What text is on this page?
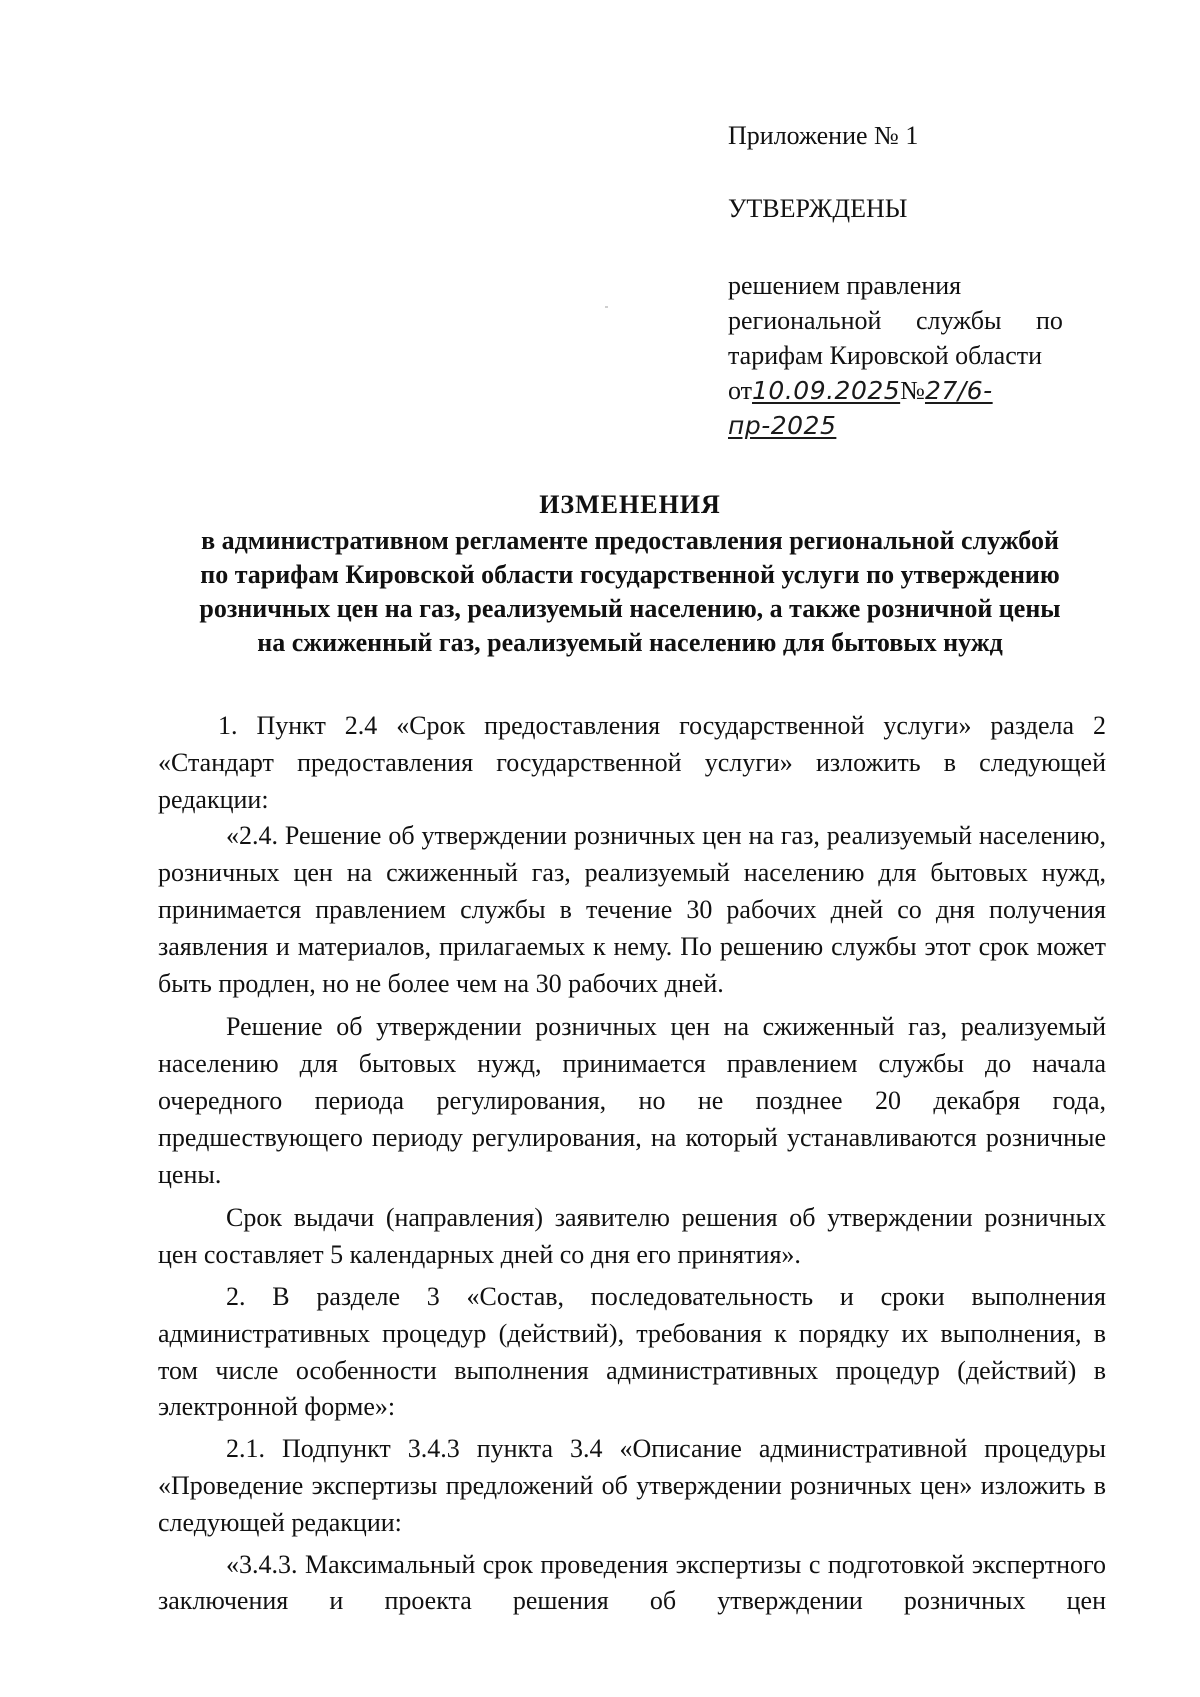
Приложение № 1

УТВЕРЖДЕНЫ

решением правления
региональной службы по
тарифам Кировской области
от10.09.2025№27/6-пр-2025
ИЗМЕНЕНИЯ
в административном регламенте предоставления региональной службой
по тарифам Кировской области государственной услуги по утверждению
розничных цен на газ, реализуемый населению, а также розничной цены
на сжиженный газ, реализуемый населению для бытовых нужд

1. Пункт 2.4 «Срок предоставления государственной услуги» раздела 2 «Стандарт предоставления государственной услуги» изложить в следующей редакции:

«2.4. Решение об утверждении розничных цен на газ, реализуемый населению, розничных цен на сжиженный газ, реализуемый населению для бытовых нужд, принимается правлением службы в течение 30 рабочих дней со дня получения заявления и материалов, прилагаемых к нему. По решению службы этот срок может быть продлен, но не более чем на 30 рабочих дней.

Решение об утверждении розничных цен на сжиженный газ, реализуемый населению для бытовых нужд, принимается правлением службы до начала очередного периода регулирования, но не позднее 20 декабря года, предшествующего периоду регулирования, на который устанавливаются розничные цены.

Срок выдачи (направления) заявителю решения об утверждении розничных цен составляет 5 календарных дней со дня его принятия».

2. В разделе 3 «Состав, последовательность и сроки выполнения административных процедур (действий), требования к порядку их выполнения, в том числе особенности выполнения административных процедур (действий) в электронной форме»:

2.1. Подпункт 3.4.3 пункта 3.4 «Описание административной процедуры «Проведение экспертизы предложений об утверждении розничных цен» изложить в следующей редакции:

«3.4.3. Максимальный срок проведения экспертизы с подготовкой экспертного заключения и проекта решения об утверждении розничных цен
